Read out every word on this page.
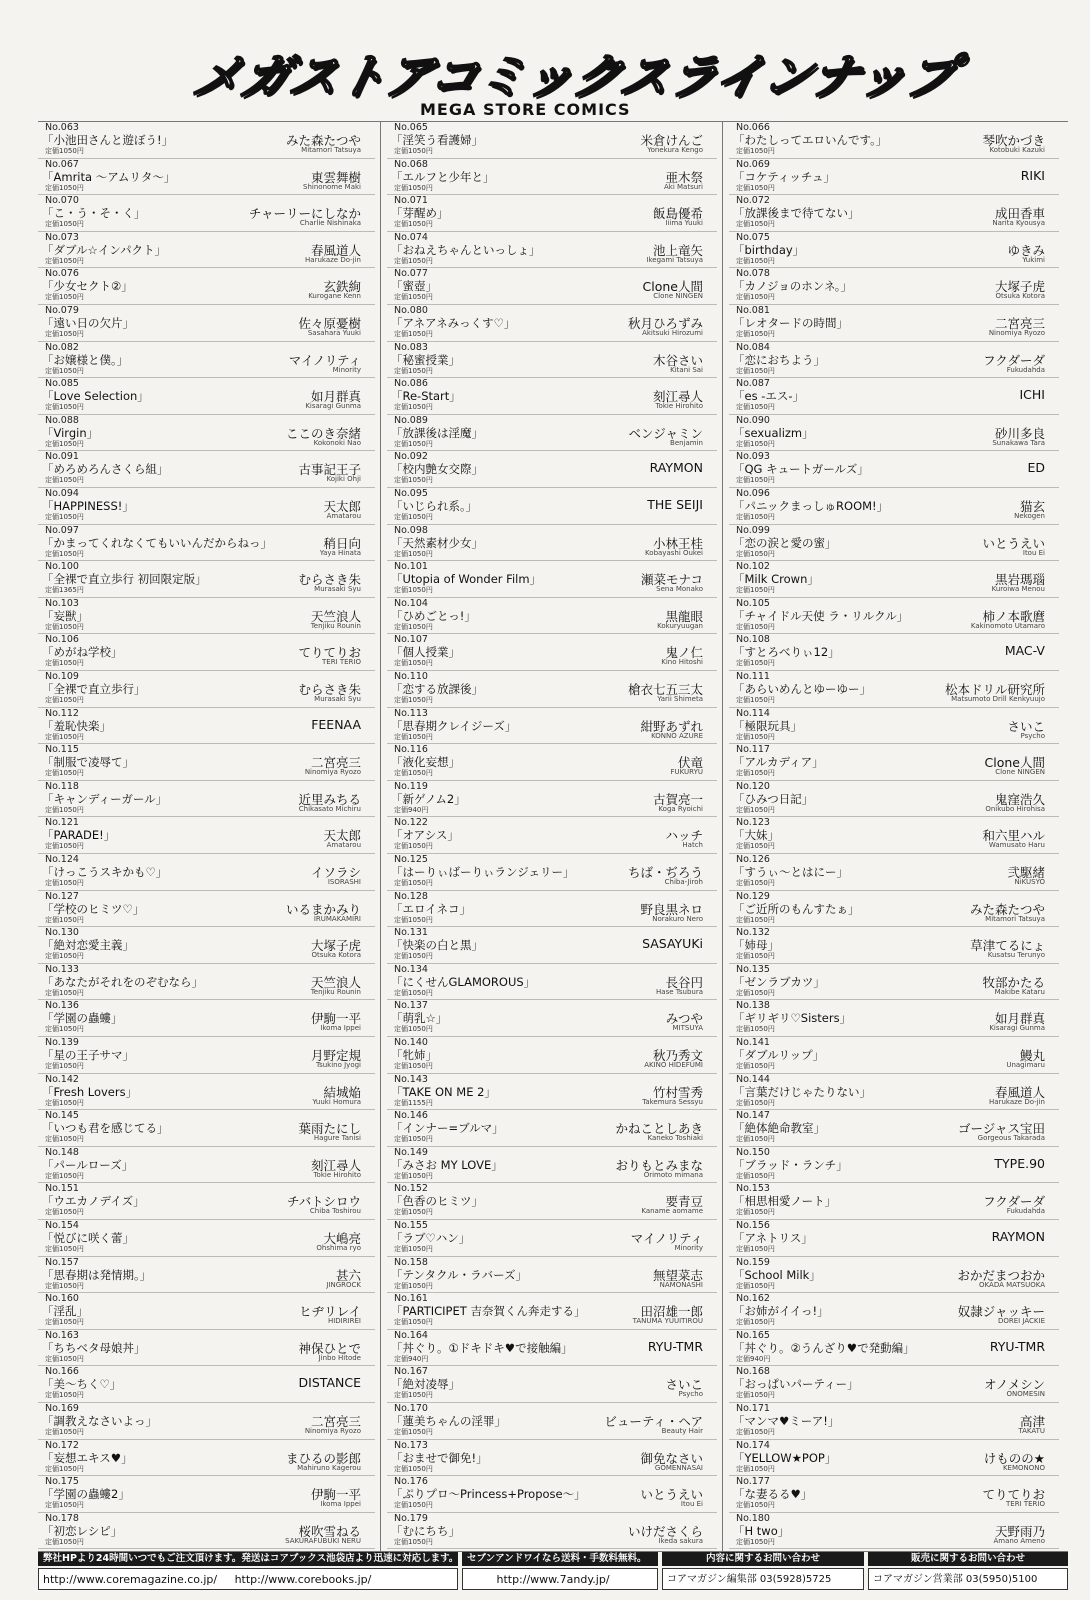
メガストアコミックスラインナップ
MEGA STORE COMICS
No.063
「小池田さんと遊ぼう!」
定価1050円
みた森たつや
Mitamori Tatsuya
No.067
「Amrita ～アムリタ～」
定価1050円
東雲舞樹
Shinonome Maki
No.070
「こ・う・そ・く」
定価1050円
チャーリーにしなか
Charlie Nishinaka
No.073
「ダブル☆インパクト」
定価1050円
春風道人
Harukaze Do-jin
No.076
「少女セクト②」
定価1050円
玄鉄絢
Kurogane Kenn
No.079
「遠い日の欠片」
定価1050円
佐々原憂樹
Sasahara Yuuki
No.082
「お嬢様と僕。」
定価1050円
マイノリティ
Minority
No.085
「Love Selection」
定価1050円
如月群真
Kisaragi Gunma
No.088
「Virgin」
定価1050円
ここのき奈緒
Kokonoki Nao
No.091
「めろめろんさくら組」
定価1050円
古事記王子
Kojiki Ohji
No.094
「HAPPINESS!」
定価1050円
天太郎
Amatarou
No.097
「かまってくれなくてもいいんだからねっ」
定価1050円
稍日向
Yaya Hinata
No.100
「全裸で直立歩行 初回限定版」
定価1365円
むらさき朱
Murasaki Syu
No.103
「妄獣」
定価1050円
天竺浪人
Tenjiku Rounin
No.106
「めがね学校」
定価1050円
てりてりお
TERI TERIO
No.109
「全裸で直立歩行」
定価1050円
むらさき朱
Murasaki Syu
No.112
「羞恥快楽」
定価1050円
FEENAA
No.115
「制服で凌辱て」
定価1050円
二宮亮三
Ninomiya Ryozo
No.118
「キャンディーガール」
定価1050円
近里みちる
Chikasato Michiru
No.121
「PARADE!」
定価1050円
天太郎
Amatarou
No.124
「けっこうスキかも♡」
定価1050円
イソラシ
ISORASHI
No.127
「学校のヒミツ♡」
定価1050円
いるまかみり
IRUMAKAMIRI
No.130
「絶対恋愛主義」
定価1050円
大塚子虎
Otsuka Kotora
No.133
「あなたがそれをのぞむなら」
定価1050円
天竺浪人
Tenjiku Rounin
No.136
「学園の蟲螻」
定価1050円
伊駒一平
Ikoma Ippei
No.139
「星の王子サマ」
定価1050円
月野定規
Tsukino Jyogi
No.142
「Fresh Lovers」
定価1050円
結城焔
Yuuki Homura
No.145
「いつも君を感じてる」
定価1050円
葉雨たにし
Hagure Tanisi
No.148
「パールローズ」
定価1050円
刻江尋人
Tokie Hirohito
No.151
「ウエカノデイズ」
定価1050円
チバトシロウ
Chiba Toshirou
No.154
「悦びに咲く蕾」
定価1050円
大嶋亮
Ohshima ryo
No.157
「思春期は発情期。」
定価1050円
甚六
JINGROCK
No.160
「淫乱」
定価1050円
ヒヂリレイ
HIDIRIREI
No.163
「ちちベタ母娘丼」
定価1050円
神保ひとで
Jinbo Hitode
No.166
「美～ちく♡」
定価1050円
DISTANCE
No.169
「調教えなさいよっ」
定価1050円
二宮亮三
Ninomiya Ryozo
No.172
「妄想エキス♥」
定価1050円
まひるの影郎
Mahiruno Kagerou
No.175
「学園の蟲螻2」
定価1050円
伊駒一平
Ikoma Ippei
No.178
「初恋レシピ」
定価1050円
桜吹雪ねる
SAKURAFUBUKI NERU
No.065
「淫笑う看護婦」
定価1050円
米倉けんご
Yonekura Kengo
No.068
「エルフと少年と」
定価1050円
亜木祭
Aki Matsuri
No.071
「芽醒め」
定価1050円
飯島優希
Iiima Yuuki
No.074
「おねえちゃんといっしょ」
定価1050円
池上竜矢
Ikegami Tatsuya
No.077
「蜜壺」
定価1050円
Clone人間
Clone NINGEN
No.080
「アネアネみっくす♡」
定価1050円
秋月ひろずみ
Akitsuki Hirozumi
No.083
「秘蜜授業」
定価1050円
木谷さい
Kitani Sai
No.086
「Re-Start」
定価1050円
刻江尋人
Tokie Hirohito
No.089
「放課後は淫魔」
定価1050円
ベンジャミン
Benjamin
No.092
「校内艶女交際」
定価1050円
RAYMON
No.095
「いじられ系。」
定価1050円
THE SEIJI
No.098
「天然素材少女」
定価1050円
小林王桂
Kobayashi Oukei
No.101
「Utopia of Wonder Film」
定価1050円
瀬菜モナコ
Sena Monako
No.104
「ひめごとっ!」
定価1050円
黒龍眼
Kokuryuugan
No.107
「個人授業」
定価1050円
鬼ノ仁
Kino Hitoshi
No.110
「恋する放課後」
定価1050円
槍衣七五三太
Yarii Shimeta
No.113
「思春期クレイジーズ」
定価1050円
紺野あずれ
KONNO AZURE
No.116
「液化妄想」
定価1050円
伏竜
FUKURYU
No.119
「新ゲノム2」
定価940円
古賀亮一
Koga Ryoichi
No.122
「オアシス」
定価1050円
ハッチ
Hatch
No.125
「はーりぃばーりぃランジェリー」
定価1050円
ちば・ぢろう
Chiba-Jiroh
No.128
「エロイネコ」
定価1050円
野良黒ネロ
Norakuro Nero
No.131
「快楽の白と黒」
定価1050円
SASAYUKi
No.134
「にくせんGLAMOROUS」
定価1050円
長谷円
Hase Tsubura
No.137
「萌乳☆」
定価1050円
みつや
MITSUYA
No.140
「牝姉」
定価1050円
秋乃秀文
AKINO HIDEFUMI
No.143
「TAKE ON ME 2」
定価1155円
竹村雪秀
Takemura Sessyu
No.146
「インナー=ブルマ」
定価1050円
かねことしあき
Kaneko Toshiaki
No.149
「みさお MY LOVE」
定価1050円
おりもとみまな
Orimoto mimana
No.152
「色香のヒミツ」
定価1050円
要青豆
Kaname aomame
No.155
「ラブ♡ハン」
定価1050円
マイノリティ
Minority
No.158
「テンタクル・ラバーズ」
定価1050円
無望菜志
NAMONASHI
No.161
「PARTICIPET 吉奈賀くん奔走する」
定価1050円
田沼雄一郎
TANUMA YUUITIROU
No.164
「丼ぐり。①ドキドキ♥で接触編」
定価940円
RYU-TMR
No.167
「絶対凌辱」
定価1050円
さいこ
Psycho
No.170
「蓮美ちゃんの淫罪」
定価1050円
ビューティ・ヘア
Beauty Hair
No.173
「おませで御免!」
定価1050円
御免なさい
GOMENNASAI
No.176
「ぷりプロ～Princess+Propose～」
定価1050円
いとうえい
Itou Ei
No.179
「むにちち」
定価1050円
いけださくら
Ikeda sakura
No.066
「わたしってエロいんです。」
定価1050円
琴吹かづき
Kotobuki Kazuki
No.069
「コケティッチュ」
定価1050円
RIKI
No.072
「放課後まで待てない」
定価1050円
成田香車
Narita Kyousya
No.075
「birthday」
定価1050円
ゆきみ
Yukimi
No.078
「カノジョのホンネ。」
定価1050円
大塚子虎
Otsuka Kotora
No.081
「レオタードの時間」
定価1050円
二宮亮三
Ninomiya Ryozo
No.084
「恋におちよう」
定価1050円
フクダーダ
Fukudahda
No.087
「es -エス-」
定価1050円
ICHI
No.090
「sexualizm」
定価1050円
砂川多良
Sunakawa Tara
No.093
「QG キュートガールズ」
定価1050円
ED
No.096
「パニックまっしゅROOM!」
定価1050円
猫玄
Nekogen
No.099
「恋の涙と愛の蜜」
定価1050円
いとうえい
Itou Ei
No.102
「Milk Crown」
定価1050円
黒岩瑪瑙
Kuroiwa Menou
No.105
「チャイドル天使 ラ・リルクル」
定価1050円
柿ノ本歌麿
Kakinomoto Utamaro
No.108
「すとろべりぃ12」
定価1050円
MAC-V
No.111
「あらいめんとゆーゆー」
定価1050円
松本ドリル研究所
Matsumoto Drill Kenkyuujo
No.114
「極限玩具」
定価1050円
さいこ
Psycho
No.117
「アルカディア」
定価1050円
Clone人間
Clone NINGEN
No.120
「ひみつ日記」
定価1050円
鬼窪浩久
Onikubo Hirohisa
No.123
「大妹」
定価1050円
和六里ハル
Wamusato Haru
No.126
「すうぃ～とはにー」
定価1050円
弐駆緒
NiKUSYO
No.129
「ご近所のもんすたぁ」
定価1050円
みた森たつや
Mitamori Tatsuya
No.132
「姉母」
定価1050円
草津てるにょ
Kusatsu Terunyo
No.135
「ゼンラブカツ」
定価1050円
牧部かたる
Makibe Kataru
No.138
「ギリギリ♡Sisters」
定価1050円
如月群真
Kisaragi Gunma
No.141
「ダブルリップ」
定価1050円
鰻丸
Unagimaru
No.144
「言葉だけじゃたりない」
定価1050円
春風道人
Harukaze Do-jin
No.147
「絶体絶命教室」
定価1050円
ゴージャス宝田
Gorgeous Takarada
No.150
「ブラッド・ランチ」
定価1050円
TYPE.90
No.153
「相思相愛ノート」
定価1050円
フクダーダ
Fukudahda
No.156
「アネトリス」
定価1050円
RAYMON
No.159
「School Milk」
定価1050円
おかだまつおか
OKADA MATSUOKA
No.162
「お姉がイイっ!」
定価1050円
奴隷ジャッキー
DOREI JACKIE
No.165
「丼ぐり。②うんざり♥で発動編」
定価940円
RYU-TMR
No.168
「おっぱいパーティー」
定価1050円
オノメシン
ONOMESIN
No.171
「マンマ♥ミーア!」
定価1050円
高津
TAKATU
No.174
「YELLOW★POP」
定価1050円
けものの★
KEMONONO
No.177
「な妻るる♥」
定価1050円
てりてりお
TERI TERIO
No.180
「H two」
定価1050円
天野雨乃
Amano Ameno
弊社HPより24時間いつでもご注文頂けます。発送はコアブックス池袋店より迅速に対応します。
http://www.coremagazine.co.jp/ http://www.corebooks.jp/
セブンアンドワイなら送料・手数料無料。
http://www.7andy.jp/
内容に関するお問い合わせ
コアマガジン編集部 03(5928)5725
販売に関するお問い合わせ
コアマガジン営業部 03(5950)5100
